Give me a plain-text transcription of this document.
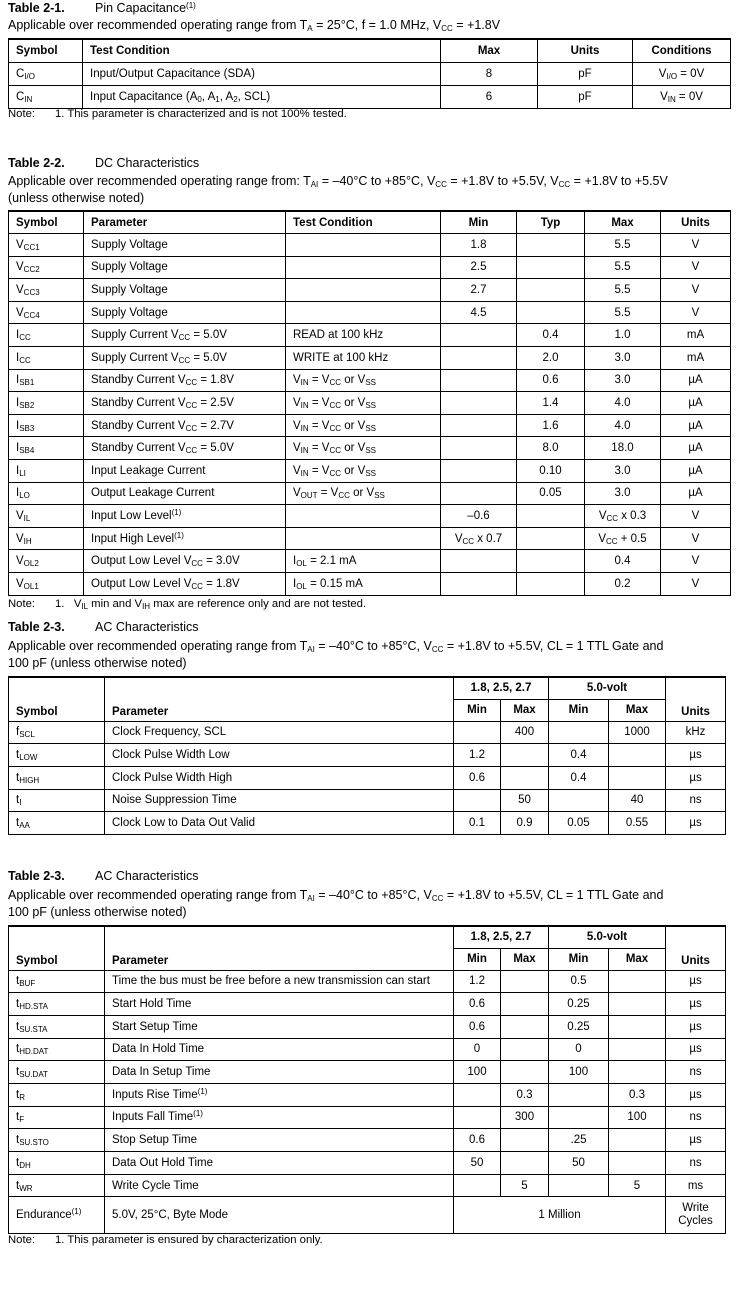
Table 2-1. Pin Capacitance$^{(1)}$
Applicable over recommended operating range from $T_A = 25^\circ C$, f = 1.0 MHz, $V_{CC} = +1.8V$
Symbol	Test Condition	Max	Units	Conditions
$C_{I/O}$	Input/Output Capacitance (SDA)	8	pF	$V_{I/O} = 0V$
$C_{IN}$	Input Capacitance ($A_0$, $A_1$, $A_2$, SCL)	6	pF	$V_{IN} = 0V$
Note: 1. This parameter is characterized and is not 100% tested.
Table 2-2. DC Characteristics
Applicable over recommended operating range from: $T_{AI} = -40^\circ C$ to +85°C, $V_{CC} = +1.8V$ to +5.5V, $V_{CC} = +1.8V$ to +5.5V
(unless otherwise noted)
Symbol	Parameter	Test Condition	Min	Typ	Max	Units
$V_{CC1}$	Supply Voltage		1.8		5.5	V
$V_{CC2}$	Supply Voltage		2.5		5.5	V
$V_{CC3}$	Supply Voltage		2.7		5.5	V
$V_{CC4}$	Supply Voltage		4.5		5.5	V
$I_{CC}$	Supply Current $V_{CC} = 5.0V$	READ at 100 kHz		0.4	1.0	mA
$I_{CC}$	Supply Current $V_{CC} = 5.0V$	WRITE at 100 kHz		2.0	3.0	mA
$I_{SB1}$	Standby Current $V_{CC} = 1.8V$	$V_{IN} = V_{CC}$ or $V_{SS}$		0.6	3.0	µA
$I_{SB2}$	Standby Current $V_{CC} = 2.5V$	$V_{IN} = V_{CC}$ or $V_{SS}$		1.4	4.0	µA
$I_{SB3}$	Standby Current $V_{CC} = 2.7V$	$V_{IN} = V_{CC}$ or $V_{SS}$		1.6	4.0	µA
$I_{SB4}$	Standby Current $V_{CC} = 5.0V$	$V_{IN} = V_{CC}$ or $V_{SS}$		8.0	18.0	µA
$I_{LI}$	Input Leakage Current	$V_{IN} = V_{CC}$ or $V_{SS}$		0.10	3.0	µA
$I_{LO}$	Output Leakage Current	$V_{OUT} = V_{CC}$ or $V_{SS}$		0.05	3.0	µA
$V_{IL}$	Input Low Level$^{(1)}$		–0.6		$V_{CC}$ x 0.3	V
$V_{IH}$	Input High Level$^{(1)}$		$V_{CC}$ x 0.7		$V_{CC} + 0.5$	V
$V_{OL2}$	Output Low Level $V_{CC} = 3.0V$	$I_{OL} = 2.1$ mA			0.4	V
$V_{OL1}$	Output Low Level $V_{CC} = 1.8V$	$I_{OL} = 0.15$ mA			0.2	V
Note: 1.   $V_{IL}$ min and $V_{IH}$ max are reference only and are not tested.
Table 2-3. AC Characteristics
Applicable over recommended operating range from $T_{AI} = -40^\circ C$ to +85°C, $V_{CC} = +1.8V$ to +5.5V, CL = 1 TTL Gate and
100 pF (unless otherwise noted)
Symbol	Parameter	1.8, 2.5, 2.7		5.0-volt		Units
		Min	Max	Min	Max	
$f_{SCL}$	Clock Frequency, SCL		400		1000	kHz
$t_{LOW}$	Clock Pulse Width Low	1.2		0.4		µs
$t_{HIGH}$	Clock Pulse Width High	0.6		0.4		µs
$t_I$	Noise Suppression Time		50		40	ns
$t_{AA}$	Clock Low to Data Out Valid	0.1	0.9	0.05	0.55	µs
Table 2-3. AC Characteristics
Applicable over recommended operating range from $T_{AI} = -40^\circ C$ to +85°C, $V_{CC} = +1.8V$ to +5.5V, CL = 1 TTL Gate and
100 pF (unless otherwise noted)
Symbol	Parameter	1.8, 2.5, 2.7		5.0-volt		Units
		Min	Max	Min	Max	
$t_{BUF}$	Time the bus must be free before a new transmission can start	1.2		0.5		µs
$t_{HD.STA}$	Start Hold Time	0.6		0.25		µs
$t_{SU.STA}$	Start Setup Time	0.6		0.25		µs
$t_{HD.DAT}$	Data In Hold Time	0		0		µs
$t_{SU.DAT}$	Data In Setup Time	100		100		ns
$t_R$	Inputs Rise Time$^{(1)}$		0.3		0.3	µs
$t_F$	Inputs Fall Time$^{(1)}$		300		100	ns
$t_{SU.STO}$	Stop Setup Time	0.6		.25		µs
$t_{DH}$	Data Out Hold Time	50		50		ns
$t_{WR}$	Write Cycle Time		5		5	ms
Endurance$^{(1)}$	5.0V, 25°C, Byte Mode	1 Million				Write
Cycles
Note: 1. This parameter is ensured by characterization only.
